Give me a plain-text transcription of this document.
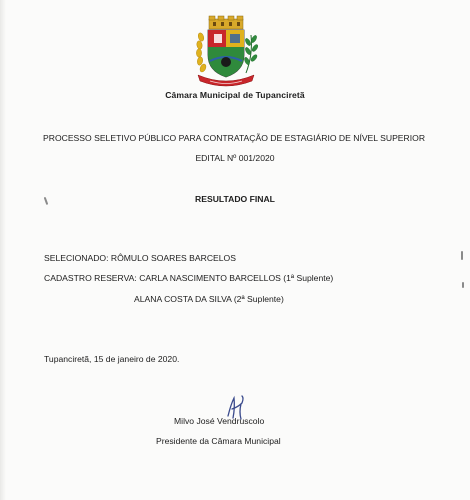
Câmara Municipal de Tupanciretã
PROCESSO SELETIVO PÚBLICO PARA CONTRATAÇÃO DE ESTAGIÁRIO DE NÍVEL SUPERIOR
EDITAL Nº 001/2020
RESULTADO FINAL
SELECIONADO: RÔMULO SOARES BARCELOS
CADASTRO RESERVA: CARLA NASCIMENTO BARCELLOS (1ª Suplente)
ALANA COSTA DA SILVA (2ª Suplente)
Tupanciretã, 15 de janeiro de 2020.
Milvo José Vendruscolo
Presidente da Câmara Municipal
